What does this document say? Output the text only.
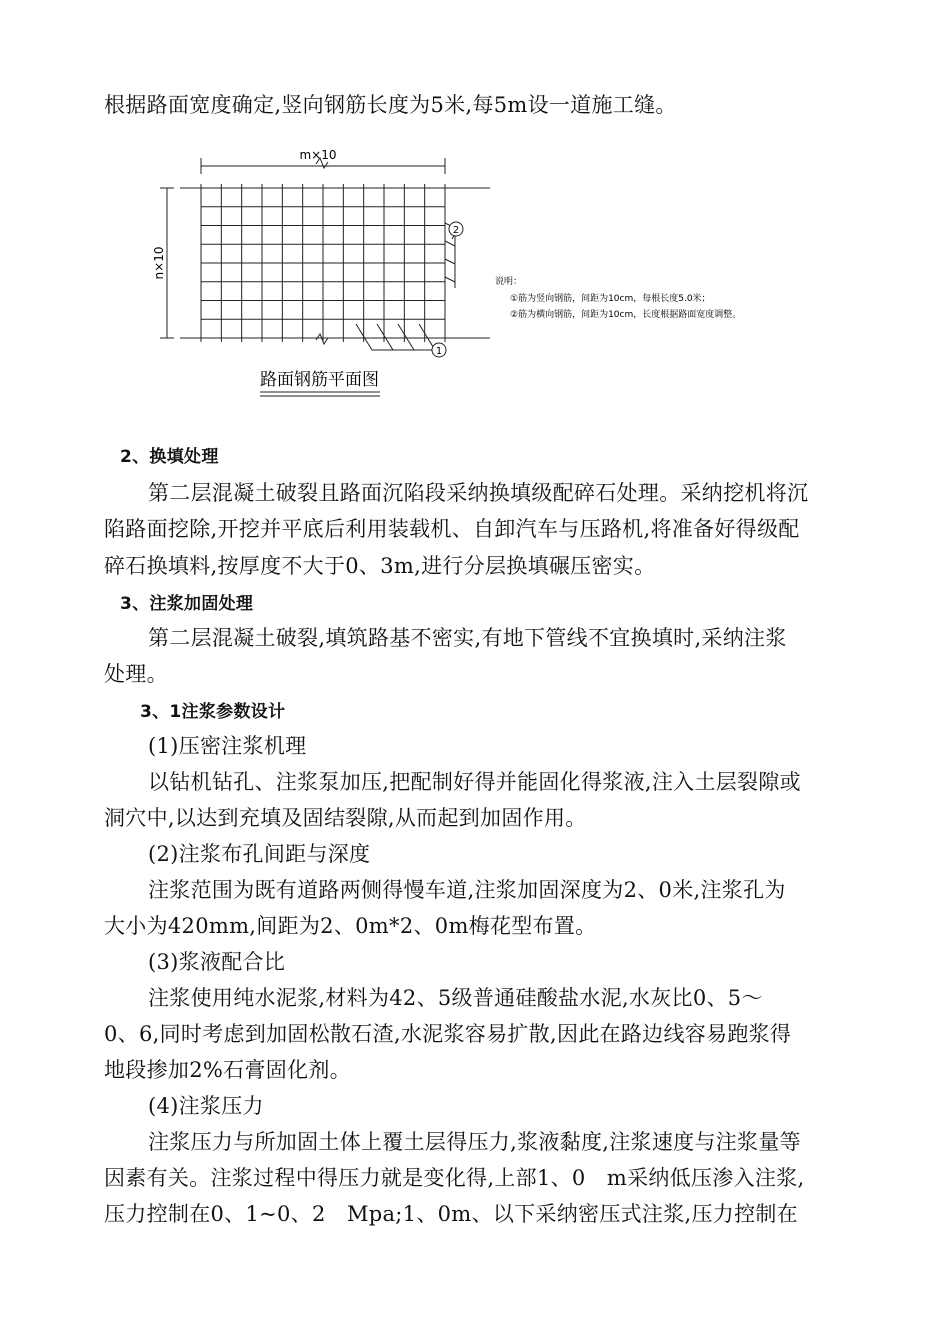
根据路面宽度确定,竖向钢筋长度为5米,每5m设一道施工缝。
m×10
n×10
2
1
路面钢筋平面图
说明：
①筋为竖向钢筋，间距为10cm，每根长度5.0米；
②筋为横向钢筋，间距为10cm，长度根据路面宽度调整。
2、换填处理
第二层混凝土破裂且路面沉陷段采纳换填级配碎石处理。采纳挖机将沉
陷路面挖除,开挖并平底后利用装载机、自卸汽车与压路机,将准备好得级配
碎石换填料,按厚度不大于0、3m,进行分层换填碾压密实。
3、注浆加固处理
第二层混凝土破裂,填筑路基不密实,有地下管线不宜换填时,采纳注浆
处理。
3、1注浆参数设计
(1)压密注浆机理
以钻机钻孔、注浆泵加压,把配制好得并能固化得浆液,注入土层裂隙或
洞穴中,以达到充填及固结裂隙,从而起到加固作用。
(2)注浆布孔间距与深度
注浆范围为既有道路两侧得慢车道,注浆加固深度为2、0米,注浆孔为
大小为420mm,间距为2、0m*2、0m梅花型布置。
(3)浆液配合比
注浆使用纯水泥浆,材料为42、5级普通硅酸盐水泥,水灰比0、5～
0、6,同时考虑到加固松散石渣,水泥浆容易扩散,因此在路边线容易跑浆得
地段掺加2%石膏固化剂。
(4)注浆压力
注浆压力与所加固土体上覆土层得压力,浆液黏度,注浆速度与注浆量等
因素有关。注浆过程中得压力就是变化得,上部1、0　m采纳低压渗入注浆,
压力控制在0、1~0、2　Mpa;1、0m、以下采纳密压式注浆,压力控制在
